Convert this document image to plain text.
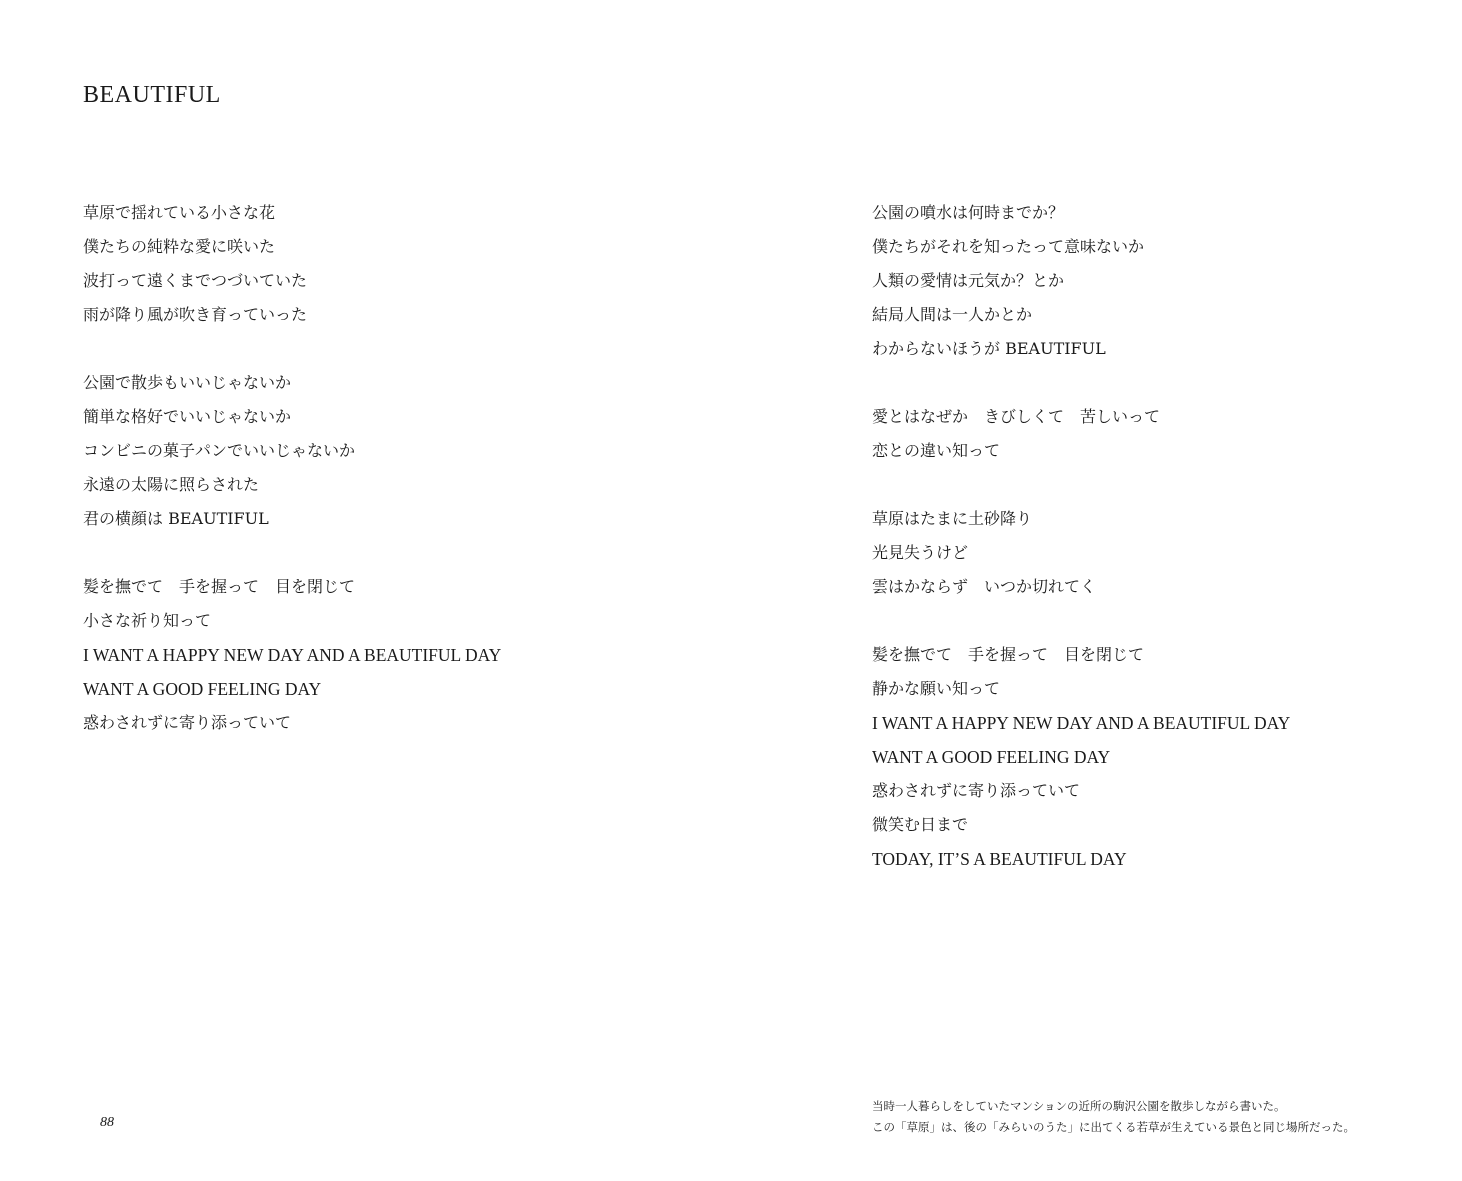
BEAUTIFUL
草原で揺れている小さな花
僕たちの純粋な愛に咲いた
波打って遠くまでつづいていた
雨が降り風が吹き育っていった
公園で散歩もいいじゃないか
簡単な格好でいいじゃないか
コンビニの菓子パンでいいじゃないか
永遠の太陽に照らされた
君の横顔は BEAUTIFUL
髪を撫でて　手を握って　目を閉じて
小さな祈り知って
I WANT A HAPPY NEW DAY AND A BEAUTIFUL DAY
WANT A GOOD FEELING DAY
惑わされずに寄り添っていて
公園の噴水は何時までか？
僕たちがそれを知ったって意味ないか
人類の愛情は元気か？とか
結局人間は一人かとか
わからないほうが BEAUTIFUL
愛とはなぜか　きびしくて　苦しいって
恋との違い知って
草原はたまに土砂降り
光見失うけど
雲はかならず　いつか切れてく
髪を撫でて　手を握って　目を閉じて
静かな願い知って
I WANT A HAPPY NEW DAY AND A BEAUTIFUL DAY
WANT A GOOD FEELING DAY
惑わされずに寄り添っていて
微笑む日まで
TODAY, IT’S A BEAUTIFUL DAY
88
当時一人暮らしをしていたマンションの近所の駒沢公園を散歩しながら書いた。
この「草原」は、後の「みらいのうた」に出てくる若草が生えている景色と同じ場所だった。
